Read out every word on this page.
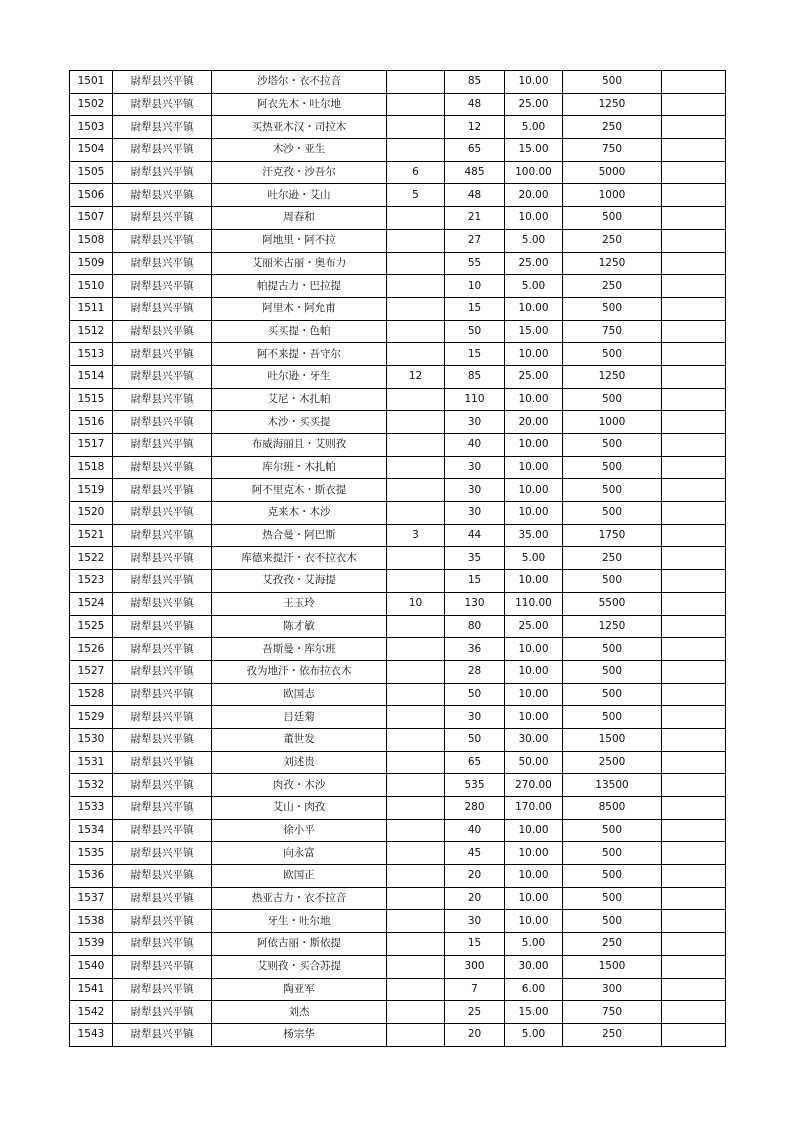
1501	尉犁县兴平镇	沙塔尔・衣不拉音		85	10.00	500	
1502	尉犁县兴平镇	阿衣先木・吐尔地		48	25.00	1250	
1503	尉犁县兴平镇	买热亚木汉・司拉木		12	5.00	250	
1504	尉犁县兴平镇	木沙・亚生		65	15.00	750	
1505	尉犁县兴平镇	汗克孜・沙吾尔	6	485	100.00	5000	
1506	尉犁县兴平镇	吐尔逊・艾山	5	48	20.00	1000	
1507	尉犁县兴平镇	周春和		21	10.00	500	
1508	尉犁县兴平镇	阿地里・阿不拉		27	5.00	250	
1509	尉犁县兴平镇	艾丽米古丽・奥布力		55	25.00	1250	
1510	尉犁县兴平镇	帕提古力・巴拉提		10	5.00	250	
1511	尉犁县兴平镇	阿里木・阿允甫		15	10.00	500	
1512	尉犁县兴平镇	买买提・色帕		50	15.00	750	
1513	尉犁县兴平镇	阿不来提・吾守尔		15	10.00	500	
1514	尉犁县兴平镇	吐尔逊・牙生	12	85	25.00	1250	
1515	尉犁县兴平镇	艾尼・木扎帕		110	10.00	500	
1516	尉犁县兴平镇	木沙・买买提		30	20.00	1000	
1517	尉犁县兴平镇	布威海丽且・艾则孜		40	10.00	500	
1518	尉犁县兴平镇	库尔班・木扎帕		30	10.00	500	
1519	尉犁县兴平镇	阿不里克木・斯衣提		30	10.00	500	
1520	尉犁县兴平镇	克来木・木沙		30	10.00	500	
1521	尉犁县兴平镇	热合曼・阿巴斯	3	44	35.00	1750	
1522	尉犁县兴平镇	库德来提汗・衣不拉衣木		35	5.00	250	
1523	尉犁县兴平镇	艾孜孜・艾海提		15	10.00	500	
1524	尉犁县兴平镇	王玉玲	10	130	110.00	5500	
1525	尉犁县兴平镇	陈才敏		80	25.00	1250	
1526	尉犁县兴平镇	吾斯曼・库尔班		36	10.00	500	
1527	尉犁县兴平镇	孜为地汗・依布拉衣木		28	10.00	500	
1528	尉犁县兴平镇	欧国志		50	10.00	500	
1529	尉犁县兴平镇	吕廷菊		30	10.00	500	
1530	尉犁县兴平镇	董世发		50	30.00	1500	
1531	尉犁县兴平镇	刘述贵		65	50.00	2500	
1532	尉犁县兴平镇	肉孜・木沙		535	270.00	13500	
1533	尉犁县兴平镇	艾山・肉孜		280	170.00	8500	
1534	尉犁县兴平镇	徐小平		40	10.00	500	
1535	尉犁县兴平镇	向永富		45	10.00	500	
1536	尉犁县兴平镇	欧国正		20	10.00	500	
1537	尉犁县兴平镇	热亚古力・衣不拉音		20	10.00	500	
1538	尉犁县兴平镇	牙生・吐尔地		30	10.00	500	
1539	尉犁县兴平镇	阿依古丽・斯依提		15	5.00	250	
1540	尉犁县兴平镇	艾则孜・买合苏提		300	30.00	1500	
1541	尉犁县兴平镇	陶亚军		7	6.00	300	
1542	尉犁县兴平镇	刘杰		25	15.00	750	
1543	尉犁县兴平镇	杨宗华		20	5.00	250	
